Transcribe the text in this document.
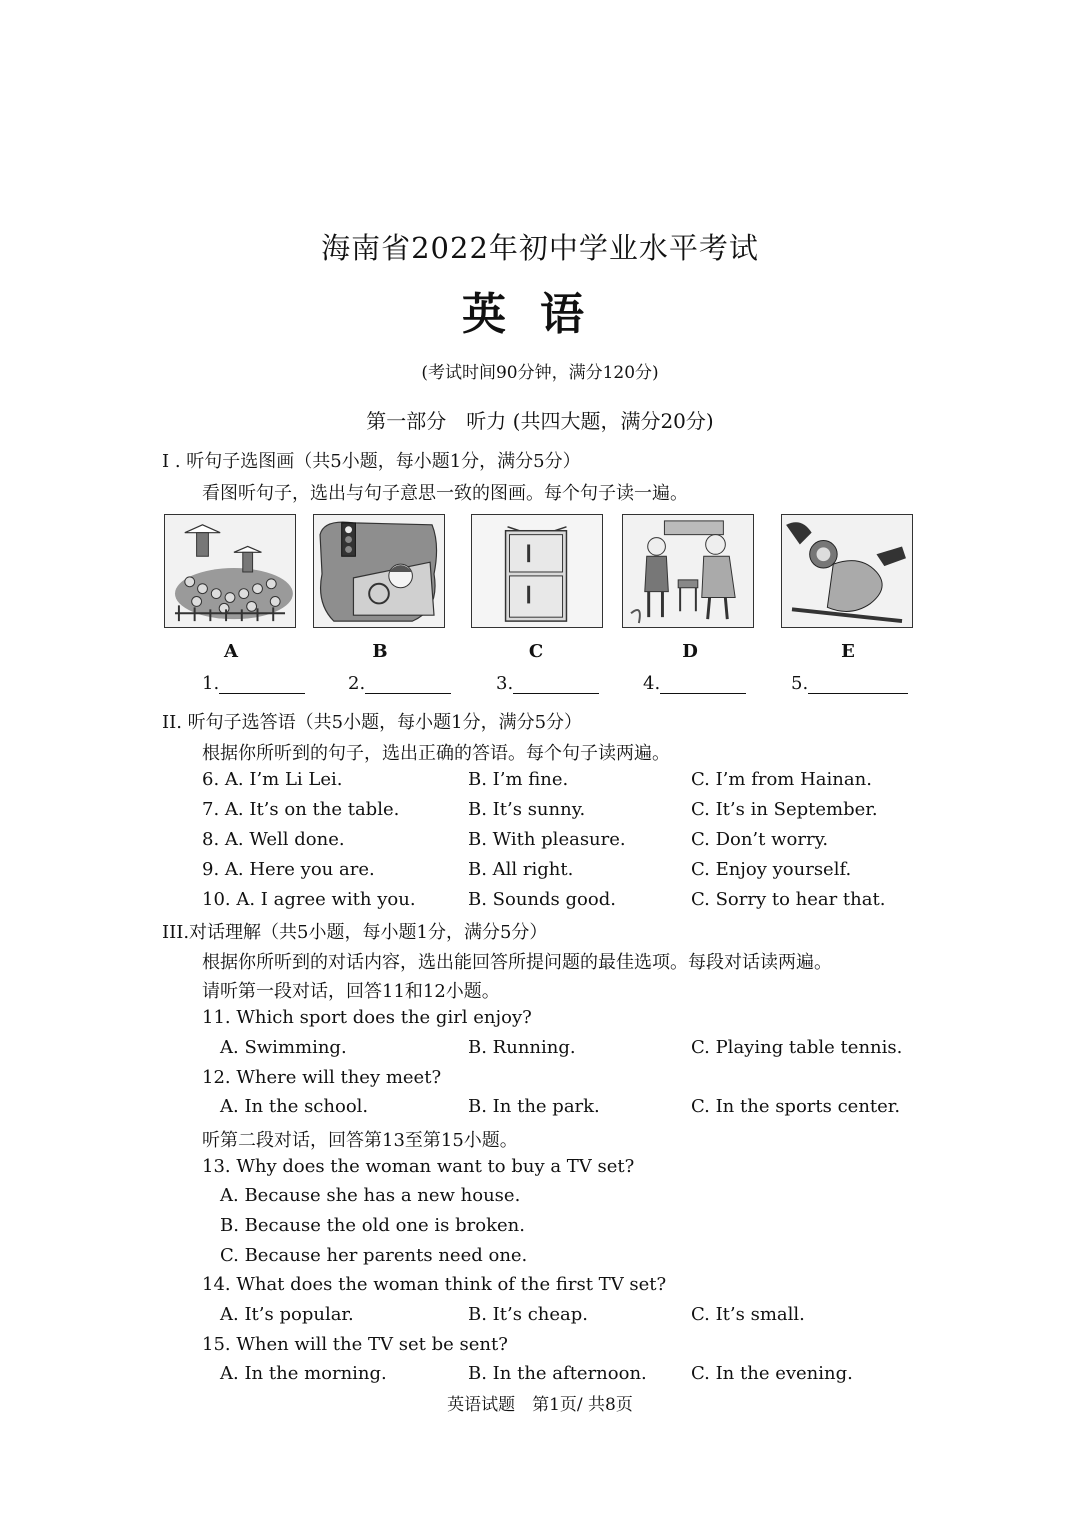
海南省2022年初中学业水平考试
英语
(考试时间90分钟，满分120分)
第一部分　听力 (共四大题，满分20分)
I . 听句子选图画（共5小题，每小题1分，满分5分）
看图听句子，选出与句子意思一致的图画。每个句子读一遍。
A	B	C	D	E
1.	2.	3.	4.	5.
II. 听句子选答语（共5小题，每小题1分，满分5分）
根据你所听到的句子，选出正确的答语。每个句子读两遍。
6. A. I’m Li Lei.	B. I’m fine.	C. I’m from Hainan.
7. A. It’s on the table.	B. It’s sunny.	C. It’s in September.
8. A. Well done.	B. With pleasure.	C. Don’t worry.
9. A. Here you are.	B. All right.	C. Enjoy yourself.
10. A. I agree with you.	B. Sounds good.	C. Sorry to hear that.
III.对话理解（共5小题，每小题1分，满分5分）
根据你所听到的对话内容，选出能回答所提问题的最佳选项。每段对话读两遍。
请听第一段对话，回答11和12小题。
11. Which sport does the girl enjoy?
A. Swimming.	B. Running.	C. Playing table tennis.
12. Where will they meet?
A. In the school.	B. In the park.	C. In the sports center.
听第二段对话，回答第13至第15小题。
13. Why does the woman want to buy a TV set?
A. Because she has a new house.
B. Because the old one is broken.
C. Because her parents need one.
14. What does the woman think of the first TV set?
A. It’s popular.	B. It’s cheap.	C. It’s small.
15. When will the TV set be sent?
A. In the morning.	B. In the afternoon. C. In the evening.
英语试题　第1页/ 共8页
